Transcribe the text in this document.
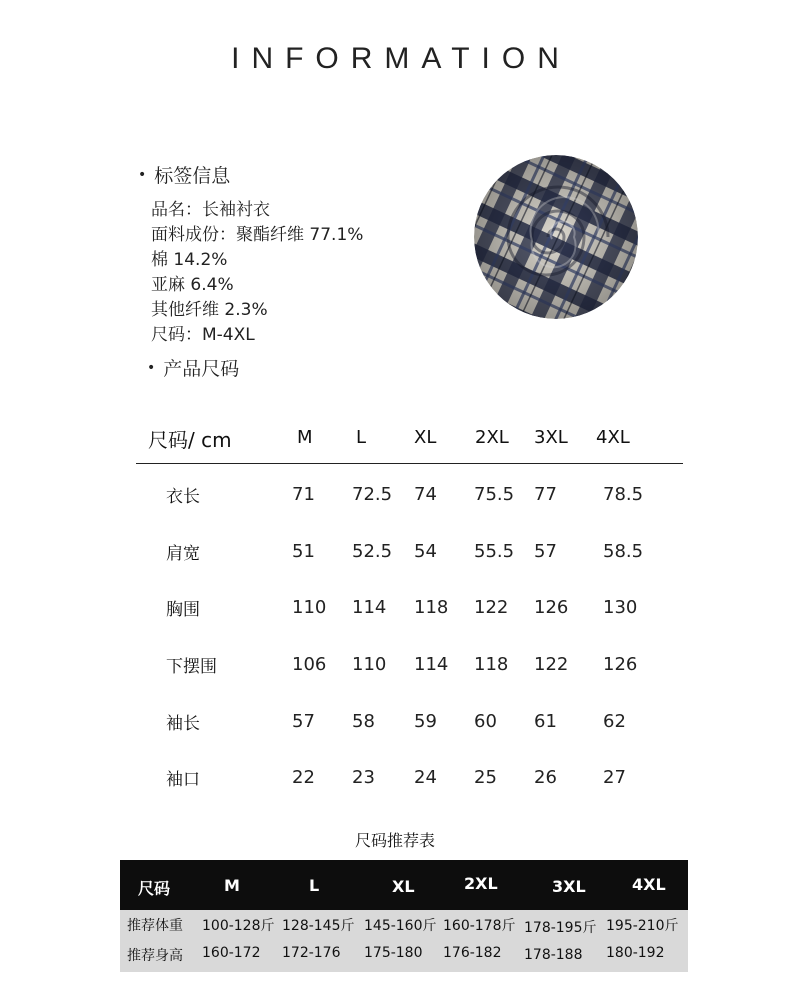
INFORMATION
• 标签信息
品名：长袖衬衣
面料成份：聚酯纤维 77.1%
棉 14.2%
亚麻 6.4%
其他纤维 2.3%
尺码：M-4XL
• 产品尺码
尺码/ cm	M L	XL 2XL 3XL 4XL
衣长	71 72.5 74 75.5 77	78.5
肩宽	51 52.5 54 55.5 57	58.5
胸围	110 114 118 122 126 130
下摆围	106 110 114 118 122 126
袖长	57 58 59 60 61	62
袖口	22 23 24 25 26	27
尺码推荐表
尺码	M	L	XL	2XL	3XL	4XL
推荐体重 100-128斤 128-145斤 145-160斤 160-178斤 178-195斤 195-210斤
推荐身高 160-172 172-176 175-180 176-182 178-188 180-192
